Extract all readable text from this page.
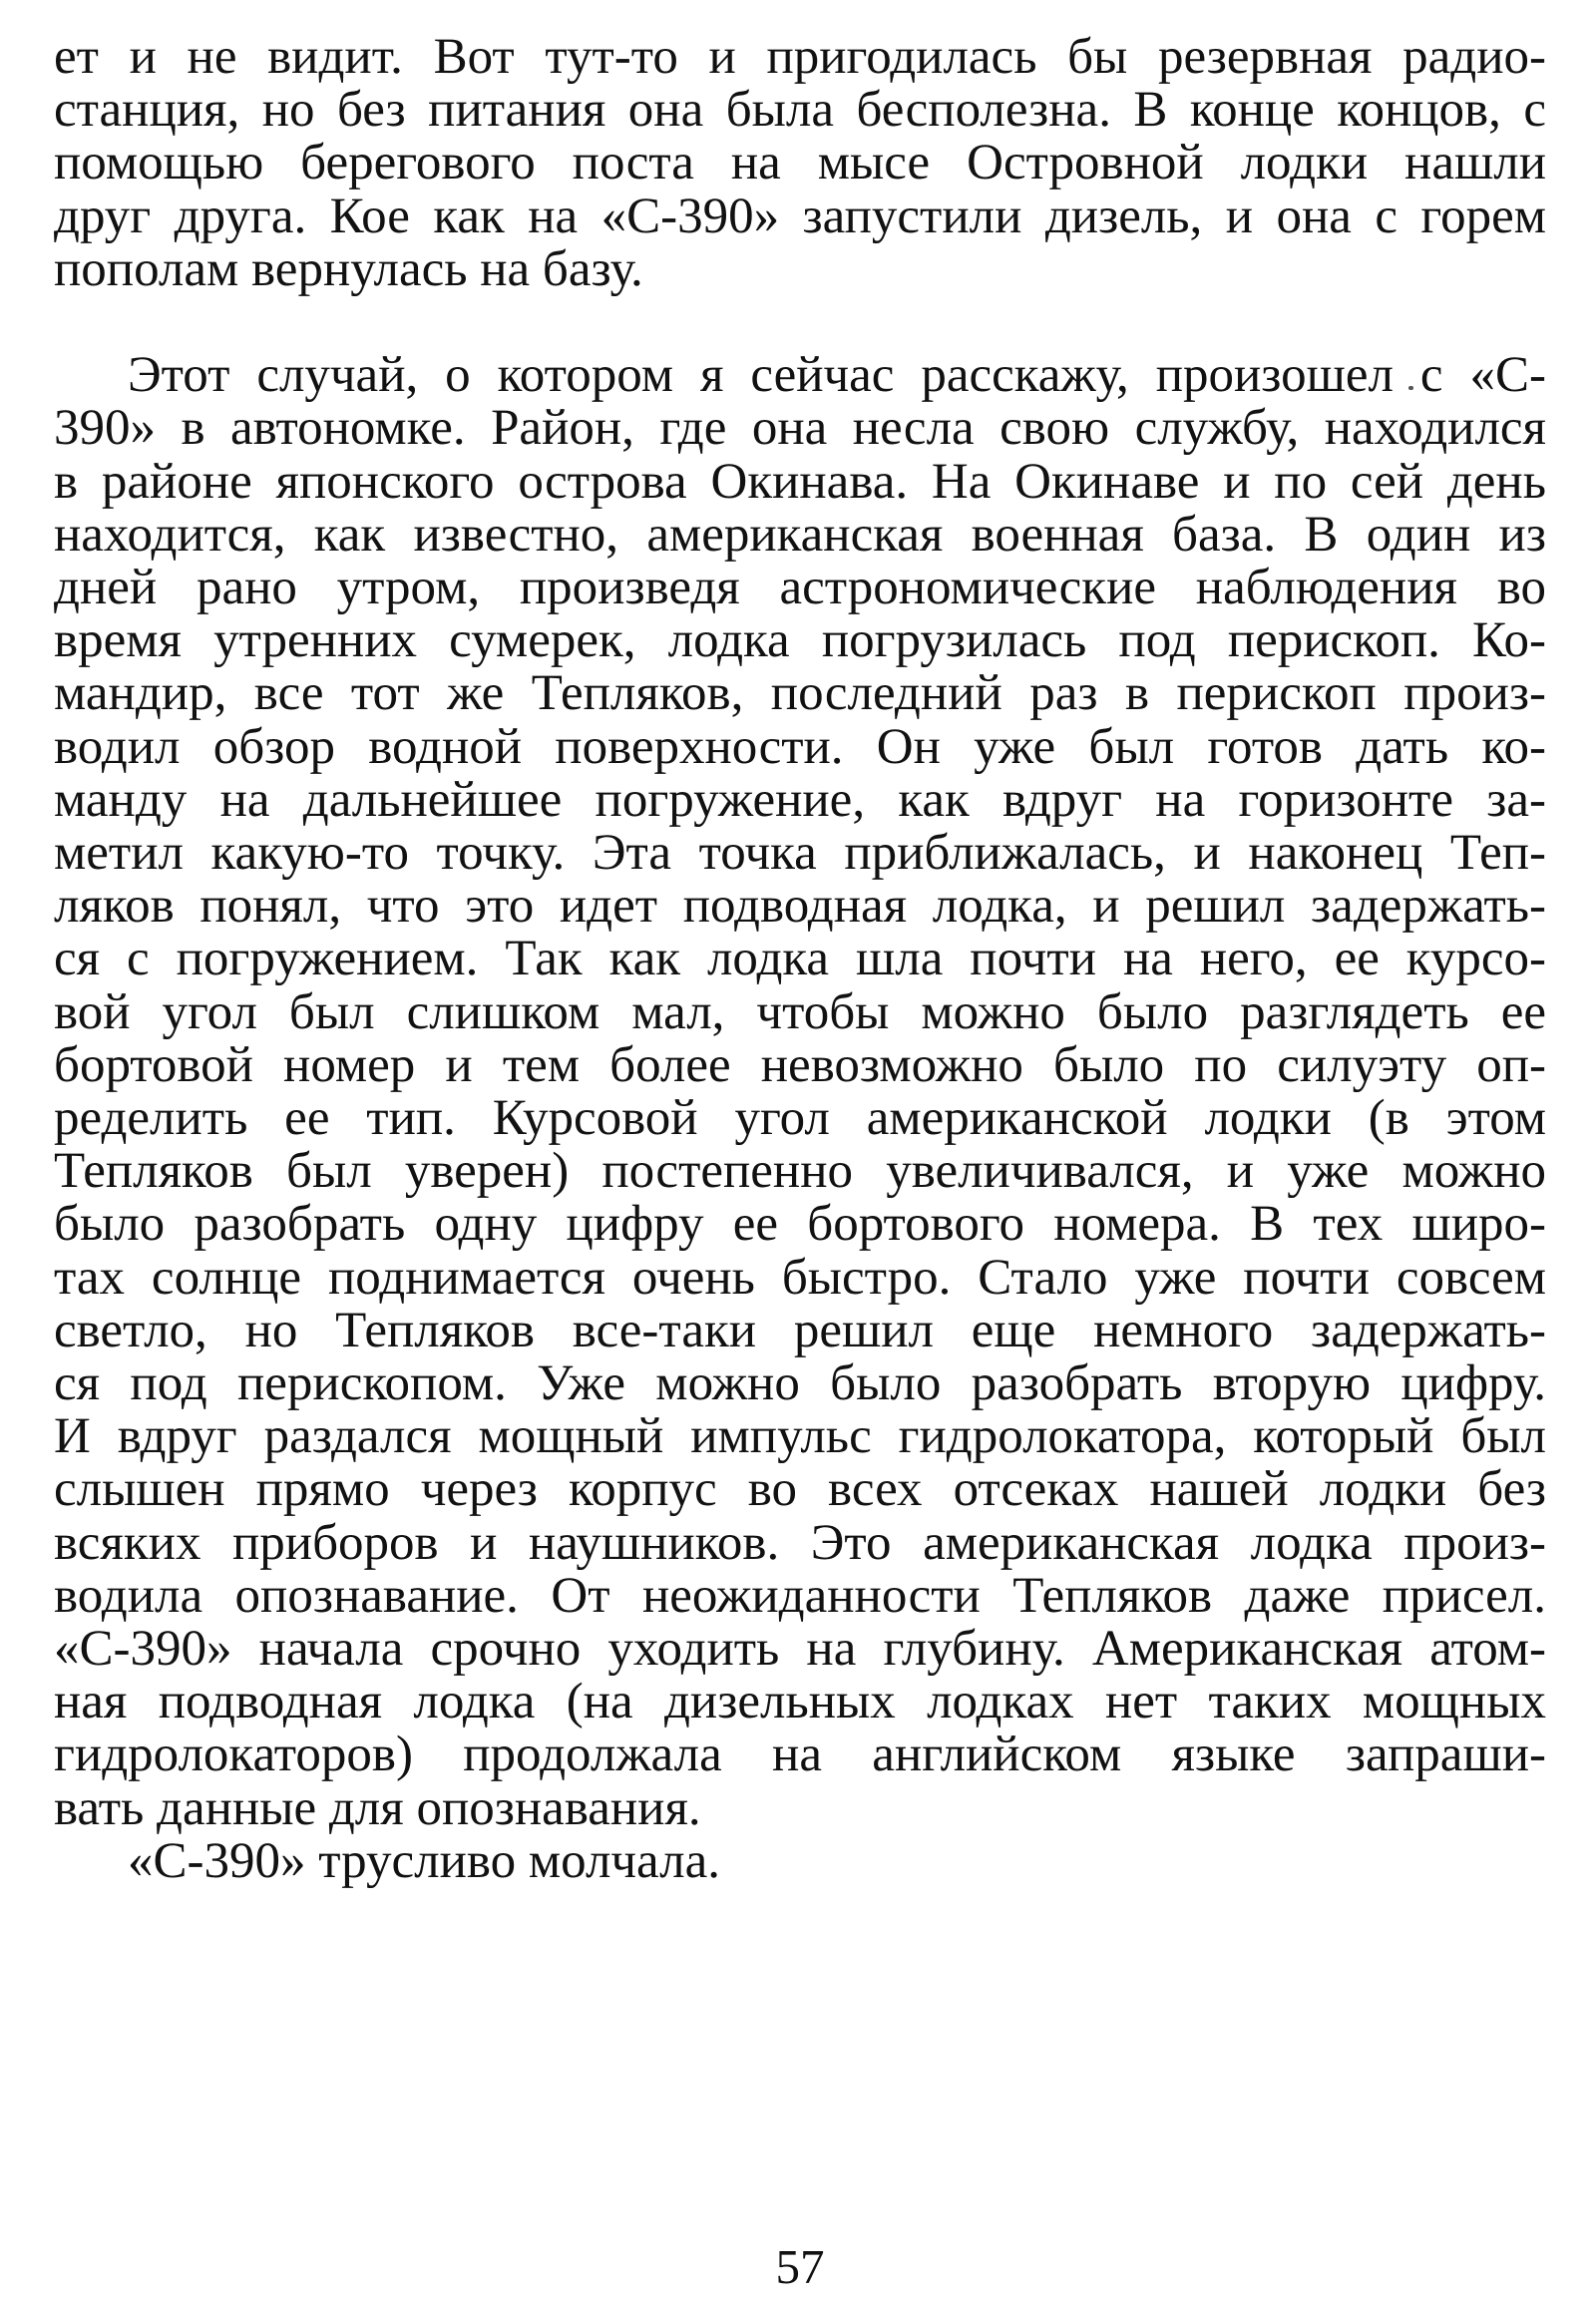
ет и не видит. Вот тут-то и пригодилась бы резервная радио-
станция, но без питания она была бесполезна. В конце концов, с
помощью берегового поста на мысе Островной лодки нашли
друг друга. Кое как на «С-390» запустили дизель, и она с горем
пополам вернулась на базу.
Этот случай, о котором я сейчас расскажу, произошел с «С-
390» в автономке. Район, где она несла свою службу, находился
в районе японского острова Окинава. На Окинаве и по сей день
находится, как известно, американская военная база. В один из
дней рано утром, произведя астрономические наблюдения во
время утренних сумерек, лодка погрузилась под перископ. Ко-
мандир, все тот же Тепляков, последний раз в перископ произ-
водил обзор водной поверхности. Он уже был готов дать ко-
манду на дальнейшее погружение, как вдруг на горизонте за-
метил какую-то точку. Эта точка приближалась, и наконец Теп-
ляков понял, что это идет подводная лодка, и решил задержать-
ся с погружением. Так как лодка шла почти на него, ее курсо-
вой угол был слишком мал, чтобы можно было разглядеть ее
бортовой номер и тем более невозможно было по силуэту оп-
ределить ее тип. Курсовой угол американской лодки (в этом
Тепляков был уверен) постепенно увеличивался, и уже можно
было разобрать одну цифру ее бортового номера. В тех широ-
тах солнце поднимается очень быстро. Стало уже почти совсем
светло, но Тепляков все-таки решил еще немного задержать-
ся под перископом. Уже можно было разобрать вторую цифру.
И вдруг раздался мощный импульс гидролокатора, который был
слышен прямо через корпус во всех отсеках нашей лодки без
всяких приборов и наушников. Это американская лодка произ-
водила опознавание. От неожиданности Тепляков даже присел.
«С-390» начала срочно уходить на глубину. Американская атом-
ная подводная лодка (на дизельных лодках нет таких мощных
гидролокаторов) продолжала на английском языке запраши-
вать данные для опознавания.
«С-390» трусливо молчала.
57
